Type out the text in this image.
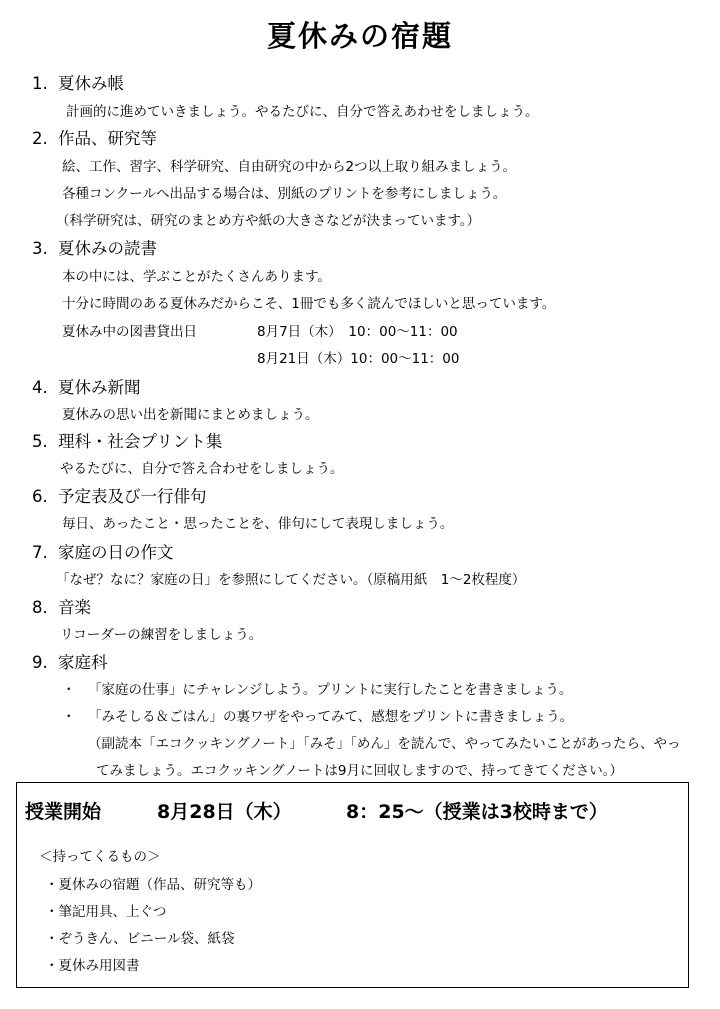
夏休みの宿題
1. 夏休み帳
計画的に進めていきましょう。やるたびに、自分で答えあわせをしましょう。
2. 作品、研究等
絵、工作、習字、科学研究、自由研究の中から2つ以上取り組みましょう。
各種コンクールへ出品する場合は、別紙のプリントを参考にしましょう。
（科学研究は、研究のまとめ方や紙の大きさなどが決まっています。）
3. 夏休みの読書
本の中には、学ぶことがたくさんあります。
十分に時間のある夏休みだからこそ、1冊でも多く読んでほしいと思っています。
夏休み中の図書貸出日	8月7日（木）　10：00～11：00
8月21日（木）10：00～11：00
4. 夏休み新聞
夏休みの思い出を新聞にまとめましょう。
5. 理科・社会プリント集
やるたびに、自分で答え合わせをしましょう。
6. 予定表及び一行俳句
毎日、あったこと・思ったことを、俳句にして表現しましょう。
7. 家庭の日の作文
「なぜ？なに？家庭の日」を参照にしてください。（原稿用紙　1～2枚程度）
8. 音楽
リコーダーの練習をしましょう。
9. 家庭科
・ 「家庭の仕事」にチャレンジしよう。プリントに実行したことを書きましょう。
・ 「みそしる＆ごはん」の裏ワザをやってみて、感想をプリントに書きましょう。
（副読本「エコクッキングノート」「みそ」「めん」を読んで、やってみたいことがあったら、やっ
てみましょう。エコクッキングノートは9月に回収しますので、持ってきてください。）
授業開始	8月28日（木）	8：25～（授業は3校時まで）
＜持ってくるもの＞
・夏休みの宿題（作品、研究等も）
・筆記用具、上ぐつ
・ぞうきん、ビニール袋、紙袋
・夏休み用図書
